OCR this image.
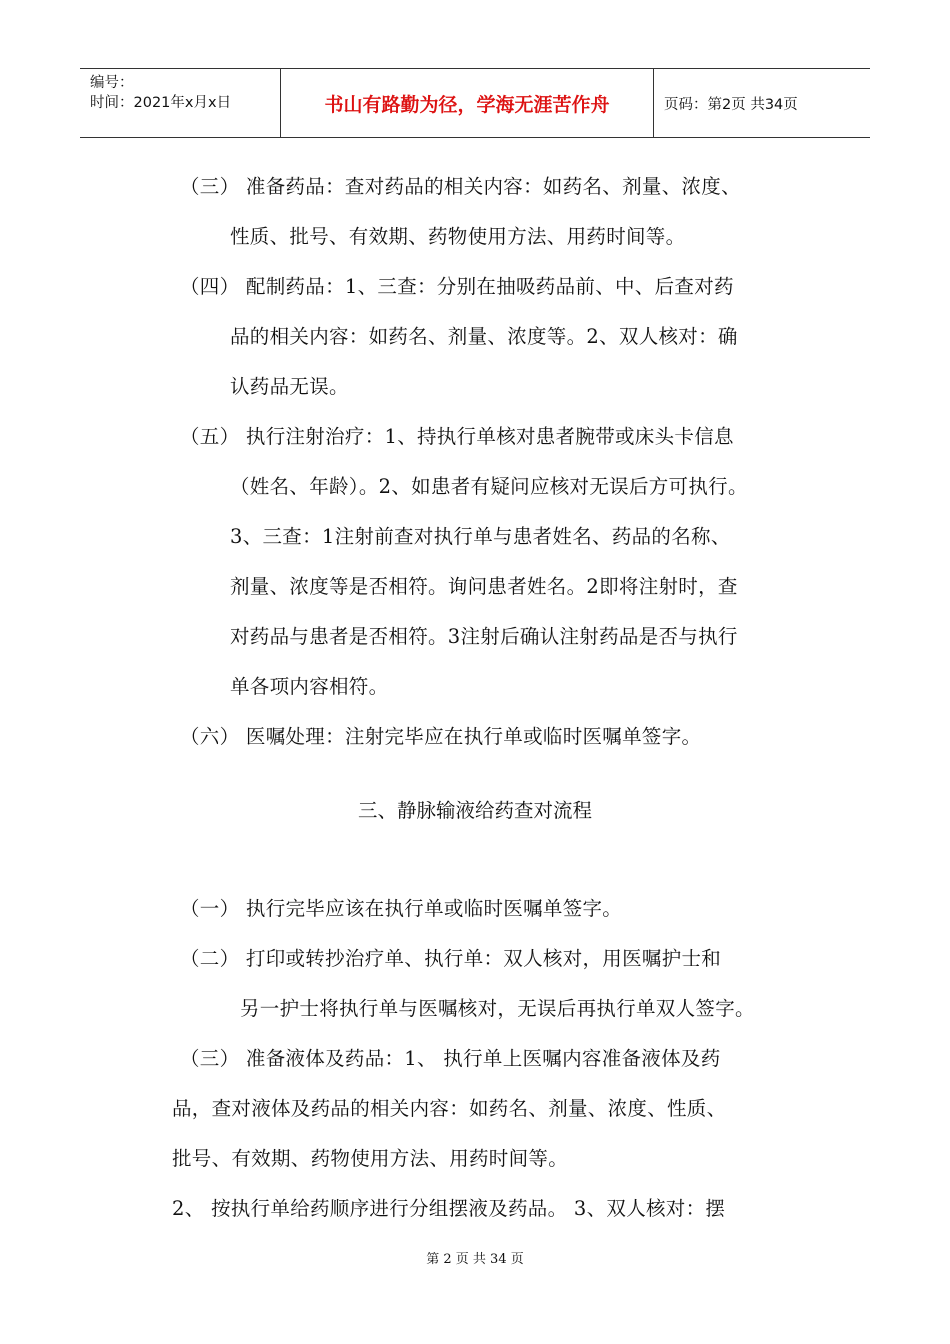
编号：
时间：2021年x月x日	书山有路勤为径，学海无涯苦作舟	页码：第2页 共34页
（三） 准备药品：查对药品的相关内容：如药名、剂量、浓度、
性质、批号、有效期、药物使用方法、用药时间等。
（四） 配制药品：1、三查：分别在抽吸药品前、中、后查对药
品的相关内容：如药名、剂量、浓度等。2、双人核对：确
认药品无误。
（五） 执行注射治疗：1、持执行单核对患者腕带或床头卡信息
（姓名、年龄）。2、如患者有疑问应核对无误后方可执行。
3、三查：1注射前查对执行单与患者姓名、药品的名称、
剂量、浓度等是否相符。询问患者姓名。2即将注射时，查
对药品与患者是否相符。3注射后确认注射药品是否与执行
单各项内容相符。
（六） 医嘱处理：注射完毕应在执行单或临时医嘱单签字。
三、静脉输液给药查对流程
（一） 执行完毕应该在执行单或临时医嘱单签字。
（二） 打印或转抄治疗单、执行单：双人核对，用医嘱护士和
另一护士将执行单与医嘱核对，无误后再执行单双人签字。
（三） 准备液体及药品：1、 执行单上医嘱内容准备液体及药
品，查对液体及药品的相关内容：如药名、剂量、浓度、性质、
批号、有效期、药物使用方法、用药时间等。
2、 按执行单给药顺序进行分组摆液及药品。 3、双人核对：摆
第 2 页 共 34 页
